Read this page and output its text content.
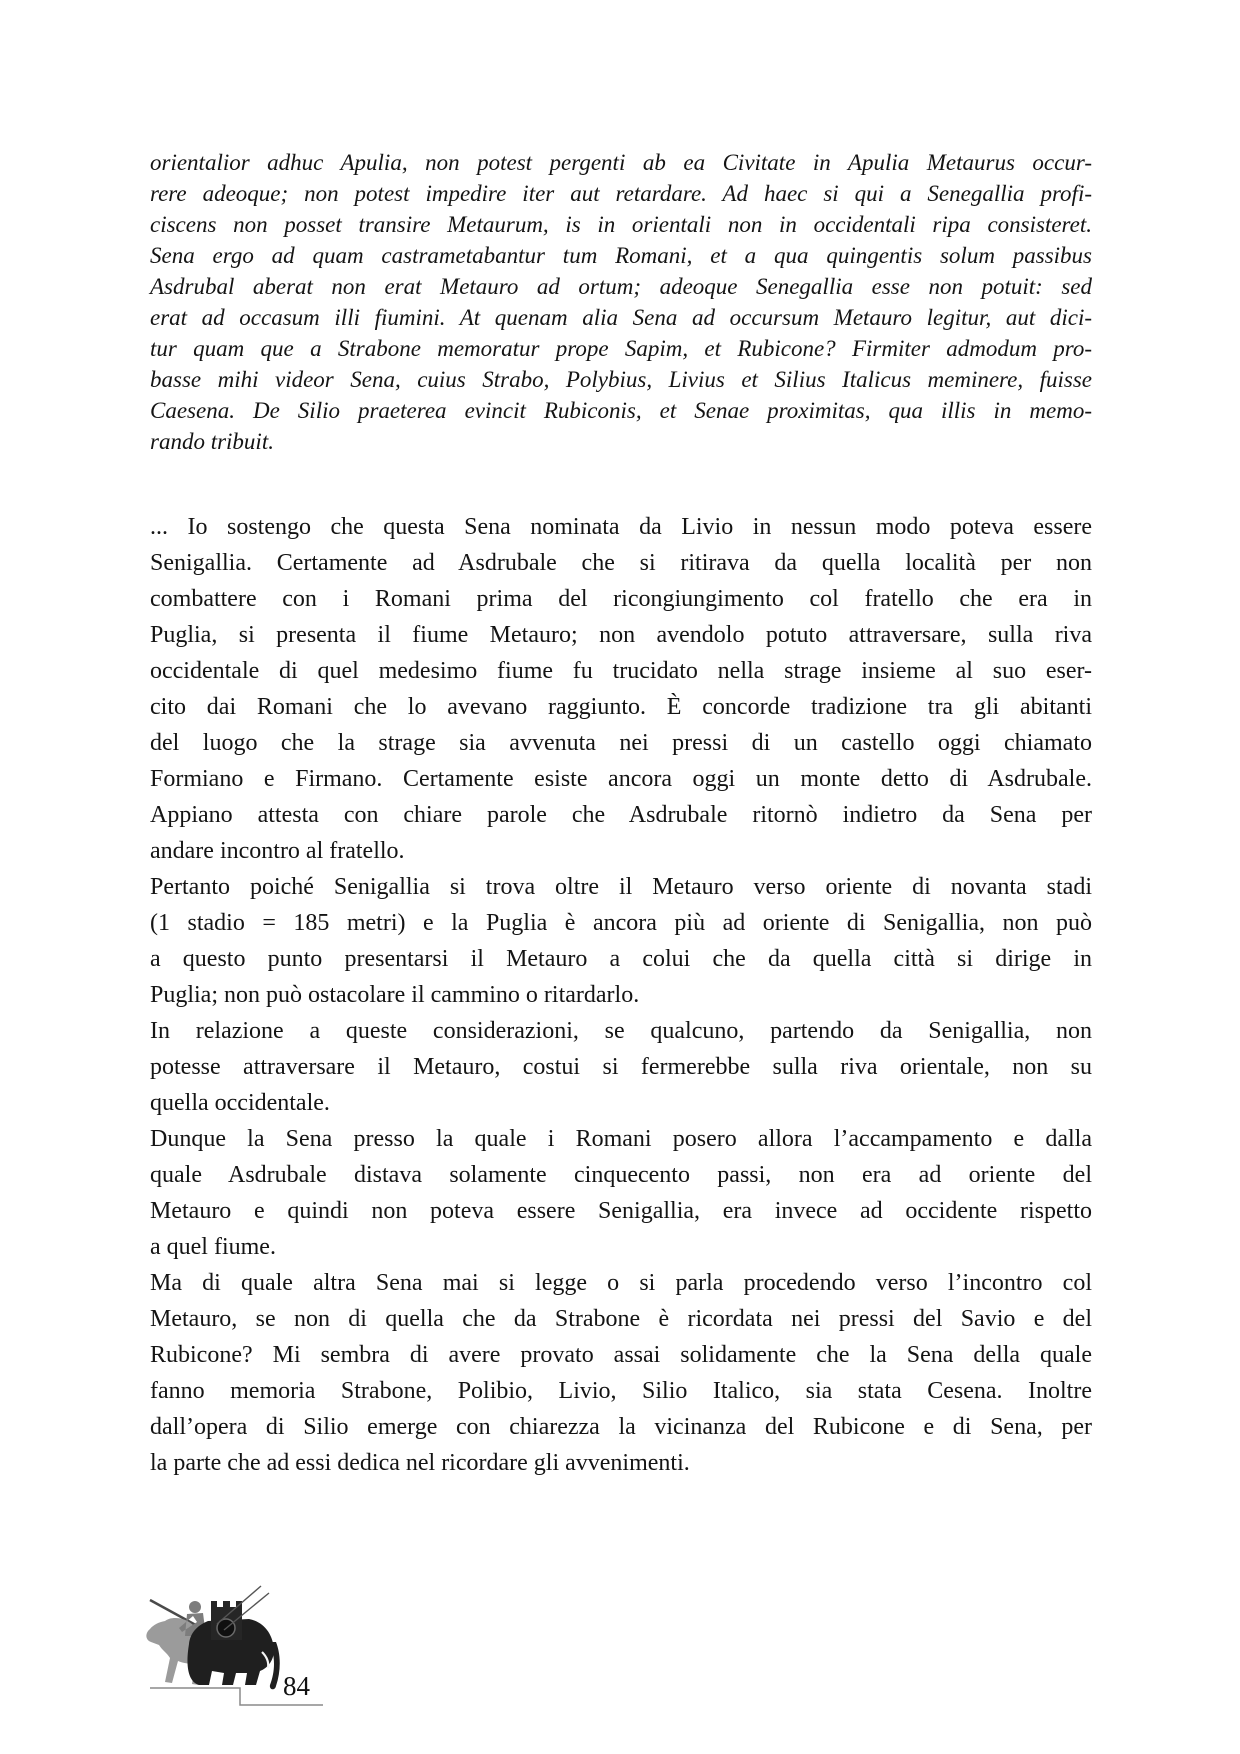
orientalior adhuc Apulia, non potest pergenti ab ea Civitate in Apulia Metaurus occur-
rere adeoque; non potest impedire iter aut retardare. Ad haec si qui a Senegallia profi-
ciscens non posset transire Metaurum, is in orientali non in occidentali ripa consisteret.
Sena ergo ad quam castrametabantur tum Romani, et a qua quingentis solum passibus
Asdrubal aberat non erat Metauro ad ortum; adeoque Senegallia esse non potuit: sed
erat ad occasum illi fiumini. At quenam alia Sena ad occursum Metauro legitur, aut dici-
tur quam que a Strabone memoratur prope Sapim, et Rubicone? Firmiter admodum pro-
basse mihi videor Sena, cuius Strabo, Polybius, Livius et Silius Italicus meminere, fuisse
Caesena. De Silio praeterea evincit Rubiconis, et Senae proximitas, qua illis in memo-
rando tribuit.
... Io sostengo che questa Sena nominata da Livio in nessun modo poteva essere
Senigallia. Certamente ad Asdrubale che si ritirava da quella località per non
combattere con i Romani prima del ricongiungimento col fratello che era in
Puglia, si presenta il fiume Metauro; non avendolo potuto attraversare, sulla riva
occidentale di quel medesimo fiume fu trucidato nella strage insieme al suo eser-
cito dai Romani che lo avevano raggiunto. È concorde tradizione tra gli abitanti
del luogo che la strage sia avvenuta nei pressi di un castello oggi chiamato
Formiano e Firmano. Certamente esiste ancora oggi un monte detto di Asdrubale.
Appiano attesta con chiare parole che Asdrubale ritornò indietro da Sena per
andare incontro al fratello.
Pertanto poiché Senigallia si trova oltre il Metauro verso oriente di novanta stadi
(1 stadio = 185 metri) e la Puglia è ancora più ad oriente di Senigallia, non può
a questo punto presentarsi il Metauro a colui che da quella città si dirige in
Puglia; non può ostacolare il cammino o ritardarlo.
In relazione a queste considerazioni, se qualcuno, partendo da Senigallia, non
potesse attraversare il Metauro, costui si fermerebbe sulla riva orientale, non su
quella occidentale.
Dunque la Sena presso la quale i Romani posero allora l’accampamento e dalla
quale Asdrubale distava solamente cinquecento passi, non era ad oriente del
Metauro e quindi non poteva essere Senigallia, era invece ad occidente rispetto
a quel fiume.
Ma di quale altra Sena mai si legge o si parla procedendo verso l’incontro col
Metauro, se non di quella che da Strabone è ricordata nei pressi del Savio e del
Rubicone? Mi sembra di avere provato assai solidamente che la Sena della quale
fanno memoria Strabone, Polibio, Livio, Silio Italico, sia stata Cesena. Inoltre
dall’opera di Silio emerge con chiarezza la vicinanza del Rubicone e di Sena, per
la parte che ad essi dedica nel ricordare gli avvenimenti.
84
